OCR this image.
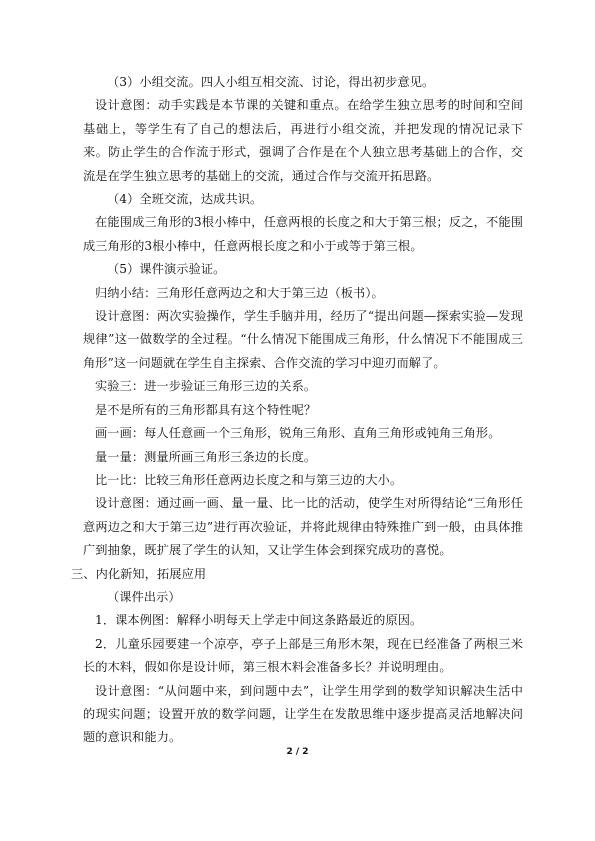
（3）小组交流。四人小组互相交流、讨论，得出初步意见。

设计意图：动手实践是本节课的关键和重点。在给学生独立思考的时间和空间基础上，等学生有了自己的想法后，再进行小组交流，并把发现的情况记录下来。防止学生的合作流于形式，强调了合作是在个人独立思考基础上的合作，交流是在学生独立思考的基础上的交流，通过合作与交流开拓思路。

（4）全班交流，达成共识。

在能围成三角形的3根小棒中，任意两根的长度之和大于第三根；反之，不能围成三角形的3根小棒中，任意两根长度之和小于或等于第三根。

（5）课件演示验证。

归纳小结：三角形任意两边之和大于第三边（板书）。

设计意图：两次实验操作，学生手脑并用，经历了“提出问题—探索实验—发现规律”这一做数学的全过程。“什么情况下能围成三角形，什么情况下不能围成三角形”这一问题就在学生自主探索、合作交流的学习中迎刃而解了。

实验三：进一步验证三角形三边的关系。

是不是所有的三角形都具有这个特性呢？

画一画：每人任意画一个三角形，锐角三角形、直角三角形或钝角三角形。

量一量：测量所画三角形三条边的长度。

比一比：比较三角形任意两边长度之和与第三边的大小。

设计意图：通过画一画、量一量、比一比的活动，使学生对所得结论“三角形任意两边之和大于第三边”进行再次验证，并将此规律由特殊推广到一般，由具体推广到抽象，既扩展了学生的认知，又让学生体会到探究成功的喜悦。

三、内化新知，拓展应用

（课件出示）

1．课本例图：解释小明每天上学走中间这条路最近的原因。

2．儿童乐园要建一个凉亭，亭子上部是三角形木架，现在已经准备了两根三米长的木料，假如你是设计师，第三根木料会准备多长？并说明理由。

设计意图：“从问题中来，到问题中去”，让学生用学到的数学知识解决生活中的现实问题；设置开放的数学问题，让学生在发散思维中逐步提高灵活地解决问题的意识和能力。

2 / 2
